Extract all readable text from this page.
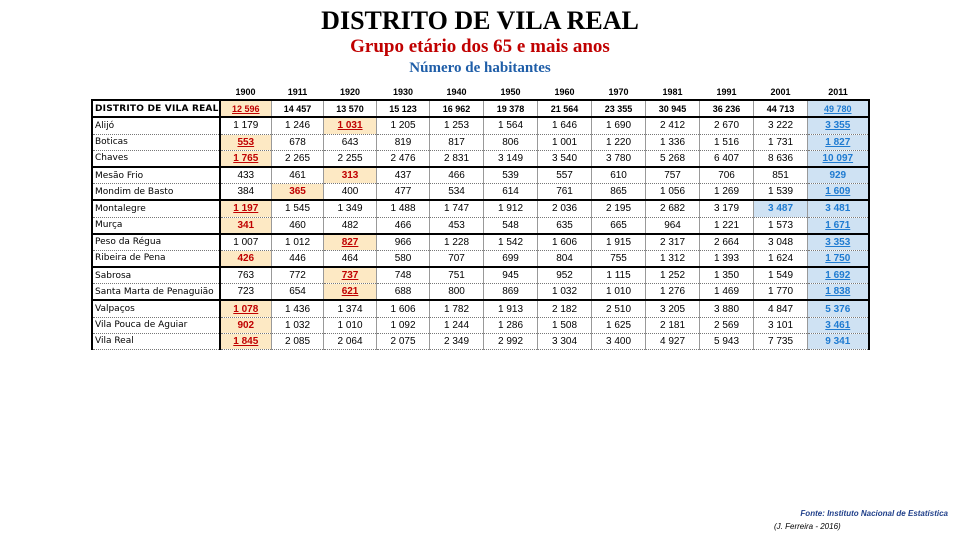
DISTRITO DE VILA REAL
Grupo etário dos 65 e mais anos
Número de habitantes
	1900	1911	1920	1930	1940	1950	1960	1970	1981	1991	2001	2011
DISTRITO DE VILA REAL	12 596	14 457	13 570	15 123	16 962	19 378	21 564	23 355	30 945	36 236	44 713	49 780
Alijó	1 179	1 246	1 031	1 205	1 253	1 564	1 646	1 690	2 412	2 670	3 222	3 355
Boticas	553	678	643	819	817	806	1 001	1 220	1 336	1 516	1 731	1 827
Chaves	1 765	2 265	2 255	2 476	2 831	3 149	3 540	3 780	5 268	6 407	8 636	10 097
Mesão Frio	433	461	313	437	466	539	557	610	757	706	851	929
Mondim de Basto	384	365	400	477	534	614	761	865	1 056	1 269	1 539	1 609
Montalegre	1 197	1 545	1 349	1 488	1 747	1 912	2 036	2 195	2 682	3 179	3 487	3 481
Murça	341	460	482	466	453	548	635	665	964	1 221	1 573	1 671
Peso da Régua	1 007	1 012	827	966	1 228	1 542	1 606	1 915	2 317	2 664	3 048	3 353
Ribeira de Pena	426	446	464	580	707	699	804	755	1 312	1 393	1 624	1 750
Sabrosa	763	772	737	748	751	945	952	1 115	1 252	1 350	1 549	1 692
Santa Marta de Penaguião	723	654	621	688	800	869	1 032	1 010	1 276	1 469	1 770	1 838
Valpaços	1 078	1 436	1 374	1 606	1 782	1 913	2 182	2 510	3 205	3 880	4 847	5 376
Vila Pouca de Aguiar	902	1 032	1 010	1 092	1 244	1 286	1 508	1 625	2 181	2 569	3 101	3 461
Vila Real	1 845	2 085	2 064	2 075	2 349	2 992	3 304	3 400	4 927	5 943	7 735	9 341
Fonte: Instituto Nacional de Estatística
(J. Ferreira - 2016)
